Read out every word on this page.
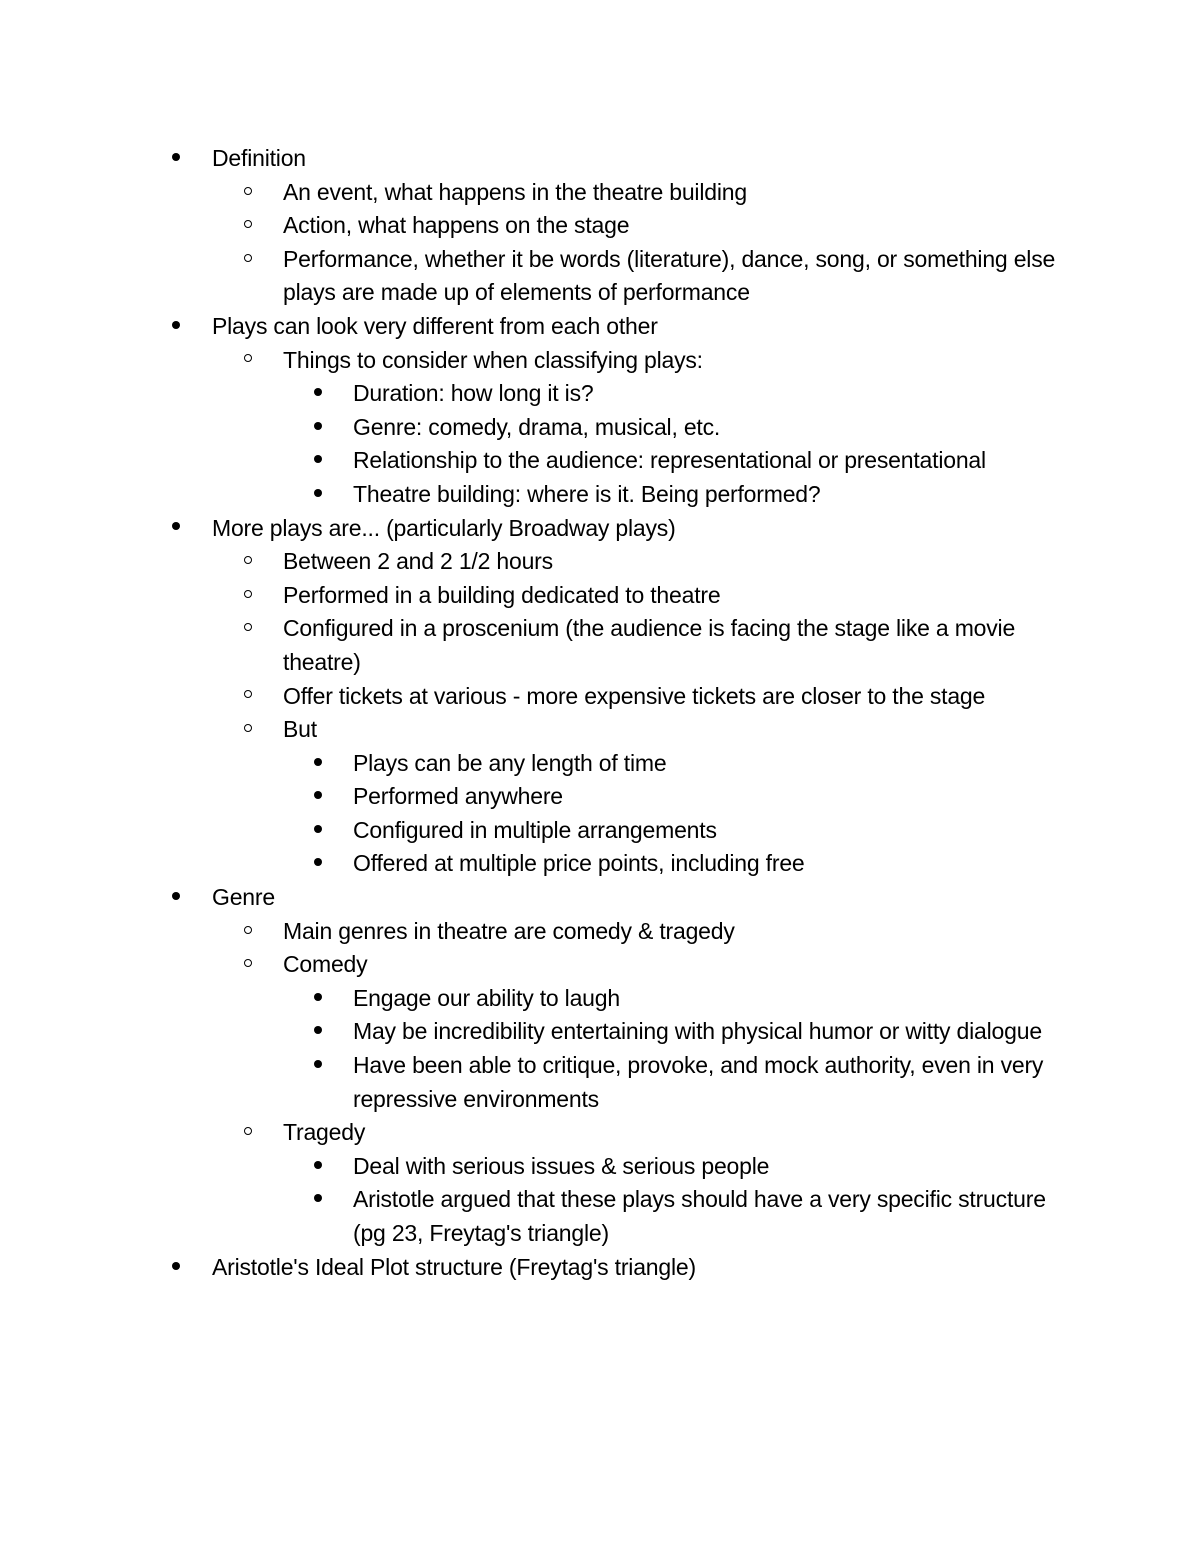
Definition
An event, what happens in the theatre building
Action, what happens on the stage
Performance, whether it be words (literature), dance, song, or something else plays are made up of elements of performance
Plays can look very different from each other
Things to consider when classifying plays:
Duration: how long it is?
Genre: comedy, drama, musical, etc.
Relationship to the audience: representational or presentational
Theatre building: where is it. Being performed?
More plays are... (particularly Broadway plays)
Between 2 and 2 1/2 hours
Performed in a building dedicated to theatre
Configured in a proscenium (the audience is facing the stage like a movie theatre)
Offer tickets at various - more expensive tickets are closer to the stage
But
Plays can be any length of time
Performed anywhere
Configured in multiple arrangements
Offered at multiple price points, including free
Genre
Main genres in theatre are comedy & tragedy
Comedy
Engage our ability to laugh
May be incredibility entertaining with physical humor or witty dialogue
Have been able to critique, provoke, and mock authority, even in very repressive environments
Tragedy
Deal with serious issues & serious people
Aristotle argued that these plays should have a very specific structure (pg 23, Freytag's triangle)
Aristotle's Ideal Plot structure (Freytag's triangle)
